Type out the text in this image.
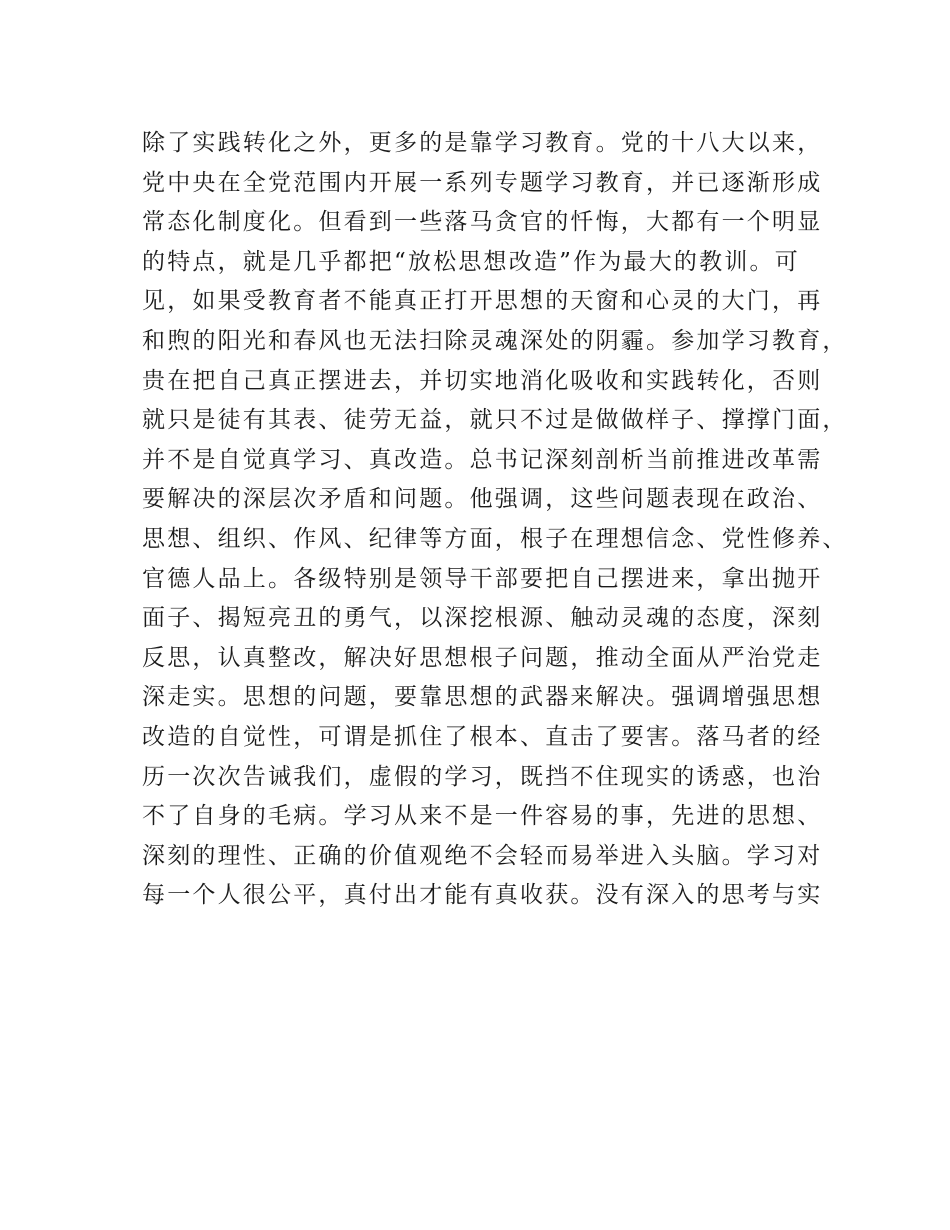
除了实践转化之外，更多的是靠学习教育。党的十八大以来，
党中央在全党范围内开展一系列专题学习教育，并已逐渐形成
常态化制度化。但看到一些落马贪官的忏悔，大都有一个明显
的特点，就是几乎都把“放松思想改造”作为最大的教训。可
见，如果受教育者不能真正打开思想的天窗和心灵的大门，再
和煦的阳光和春风也无法扫除灵魂深处的阴霾。参加学习教育，
贵在把自己真正摆进去，并切实地消化吸收和实践转化，否则
就只是徒有其表、徒劳无益，就只不过是做做样子、撑撑门面，
并不是自觉真学习、真改造。总书记深刻剖析当前推进改革需
要解决的深层次矛盾和问题。他强调，这些问题表现在政治、
思想、组织、作风、纪律等方面，根子在理想信念、党性修养、
官德人品上。各级特别是领导干部要把自己摆进来，拿出抛开
面子、揭短亮丑的勇气，以深挖根源、触动灵魂的态度，深刻
反思，认真整改，解决好思想根子问题，推动全面从严治党走
深走实。思想的问题，要靠思想的武器来解决。强调增强思想
改造的自觉性，可谓是抓住了根本、直击了要害。落马者的经
历一次次告诫我们，虚假的学习，既挡不住现实的诱惑，也治
不了自身的毛病。学习从来不是一件容易的事，先进的思想、
深刻的理性、正确的价值观绝不会轻而易举进入头脑。学习对
每一个人很公平，真付出才能有真收获。没有深入的思考与实
